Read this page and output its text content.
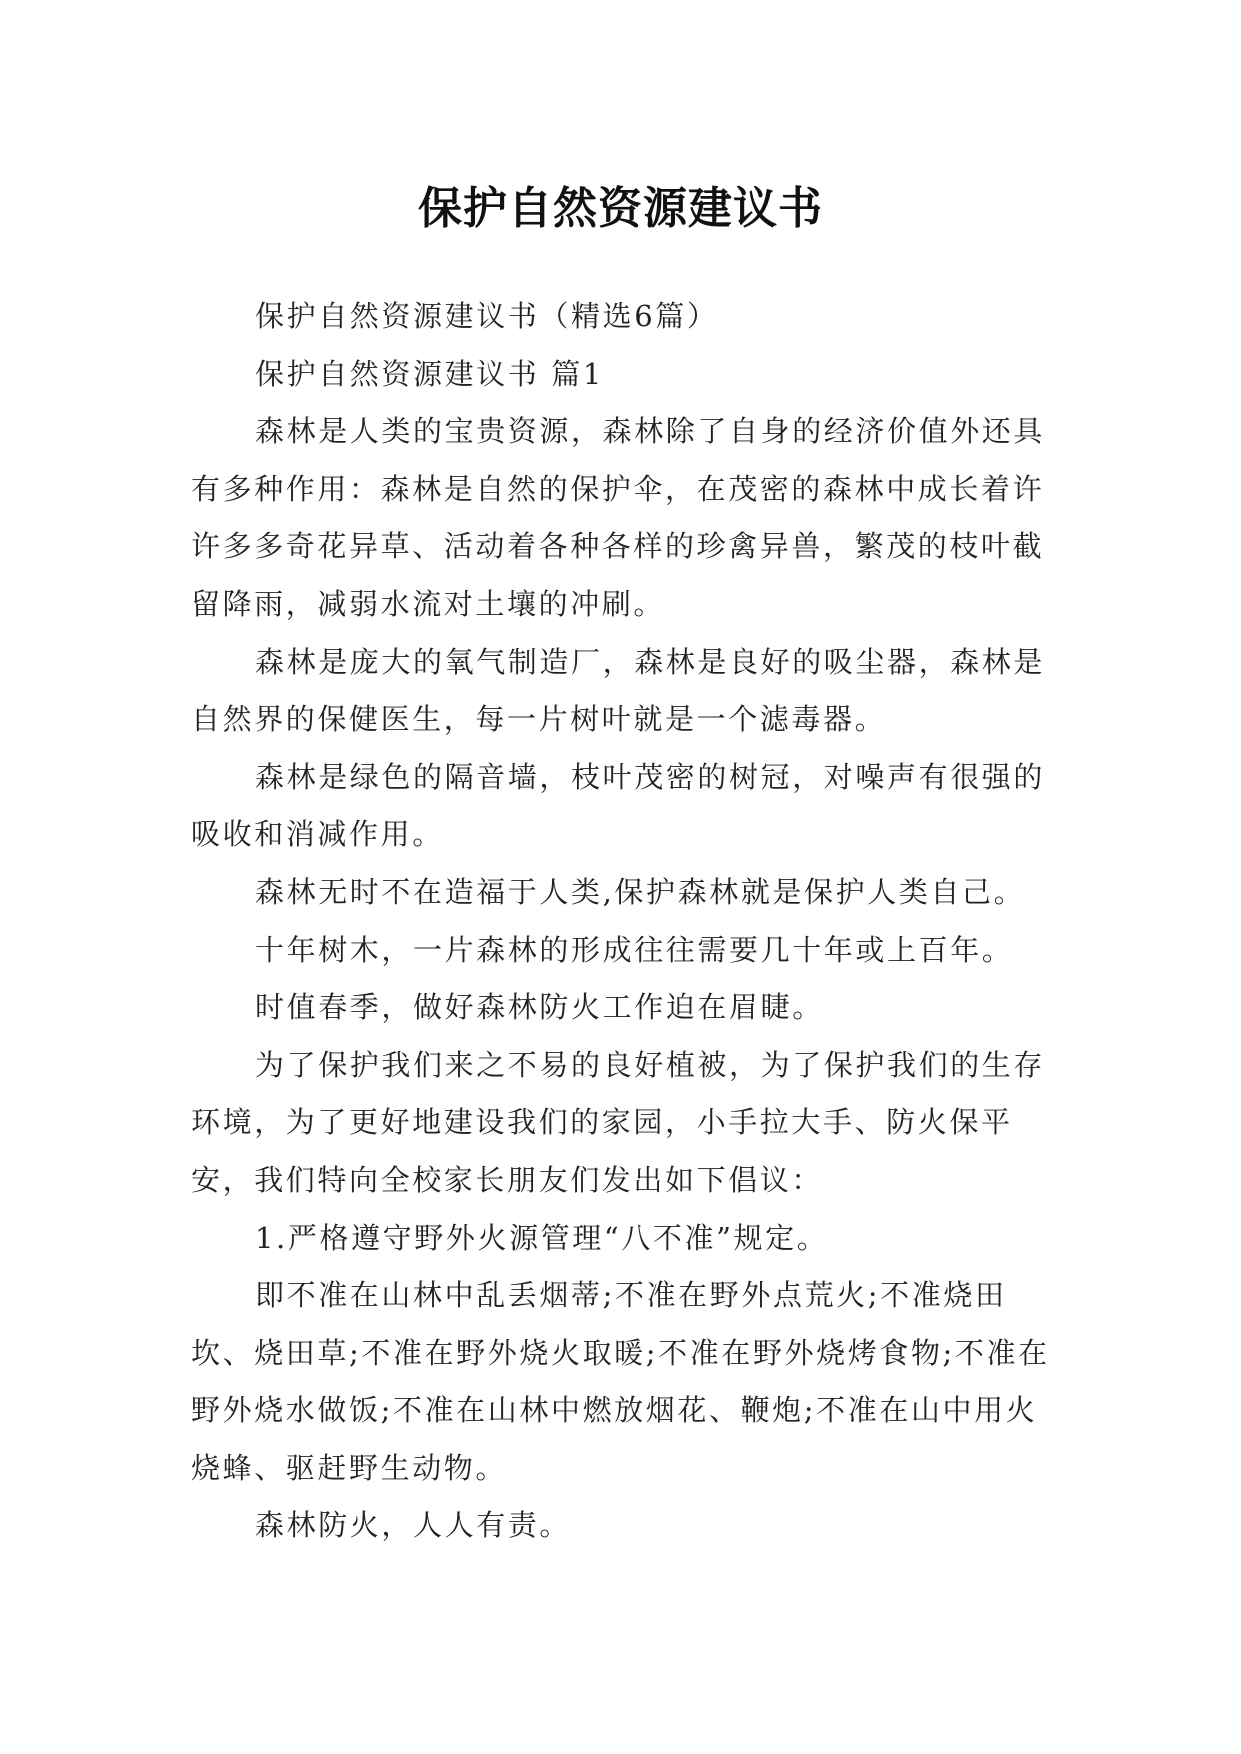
保护自然资源建议书

保护自然资源建议书（精选6篇）

保护自然资源建议书 篇1

森林是人类的宝贵资源，森林除了自身的经济价值外还具有多种作用：森林是自然的保护伞，在茂密的森林中成长着许许多多奇花异草、活动着各种各样的珍禽异兽，繁茂的枝叶截留降雨，减弱水流对土壤的冲刷。

森林是庞大的氧气制造厂，森林是良好的吸尘器，森林是自然界的保健医生，每一片树叶就是一个滤毒器。

森林是绿色的隔音墙，枝叶茂密的树冠，对噪声有很强的吸收和消减作用。

森林无时不在造福于人类,保护森林就是保护人类自己。

十年树木，一片森林的形成往往需要几十年或上百年。

时值春季，做好森林防火工作迫在眉睫。

为了保护我们来之不易的良好植被，为了保护我们的生存环境，为了更好地建设我们的家园，小手拉大手、防火保平安，我们特向全校家长朋友们发出如下倡议：

1.严格遵守野外火源管理“八不准”规定。

即不准在山林中乱丢烟蒂;不准在野外点荒火;不准烧田坎、烧田草;不准在野外烧火取暖;不准在野外烧烤食物;不准在野外烧水做饭;不准在山林中燃放烟花、鞭炮;不准在山中用火烧蜂、驱赶野生动物。

森林防火，人人有责。
